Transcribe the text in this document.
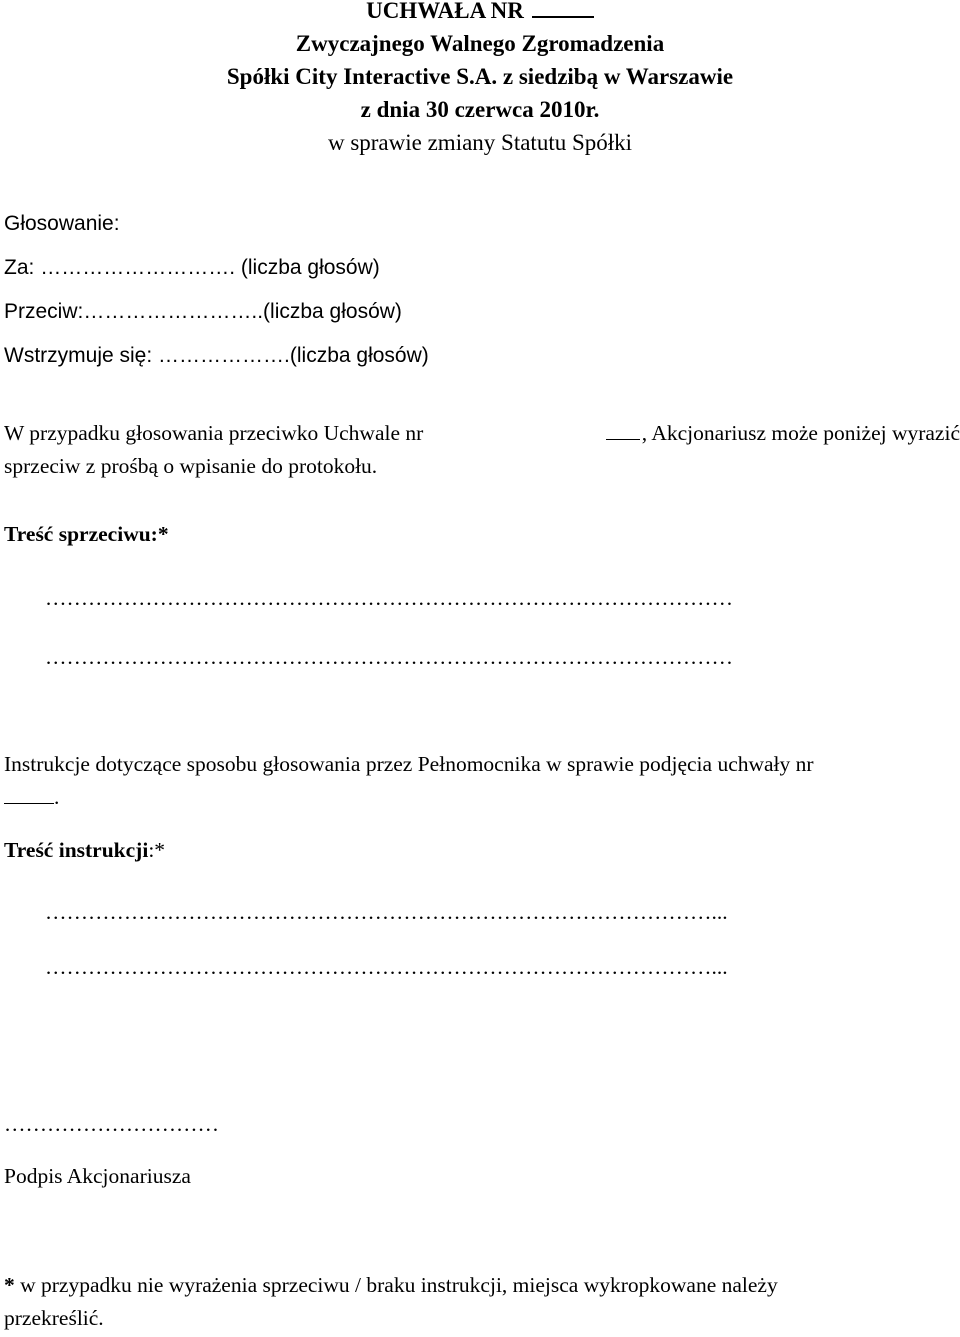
UCHWAŁA NR
Zwyczajnego Walnego Zgromadzenia
Spółki City Interactive S.A. z siedzibą w Warszawie
z dnia 30 czerwca 2010r.
w sprawie zmiany Statutu Spółki
Głosowanie:
Za: ………………………. (liczba głosów)
Przeciw:……………………..(liczba głosów)
Wstrzymuje się: ……………….(liczba głosów)
W przypadku głosowania przeciwko Uchwale nr	, Akcjonariusz może poniżej wyrazić
sprzeciw z prośbą o wpisanie do protokołu.
Treść sprzeciwu:*
……………………………………………………………………………………
……………………………………………………………………………………
Instrukcje dotyczące sposobu głosowania przez Pełnomocnika w sprawie podjęcia uchwały nr
.
Treść instrukcji:*
…………………………………………………………………………………...
…………………………………………………………………………………...
…………………………
Podpis Akcjonariusza
* w przypadku nie wyrażenia sprzeciwu / braku instrukcji, miejsca wykropkowane należy
przekreślić.
